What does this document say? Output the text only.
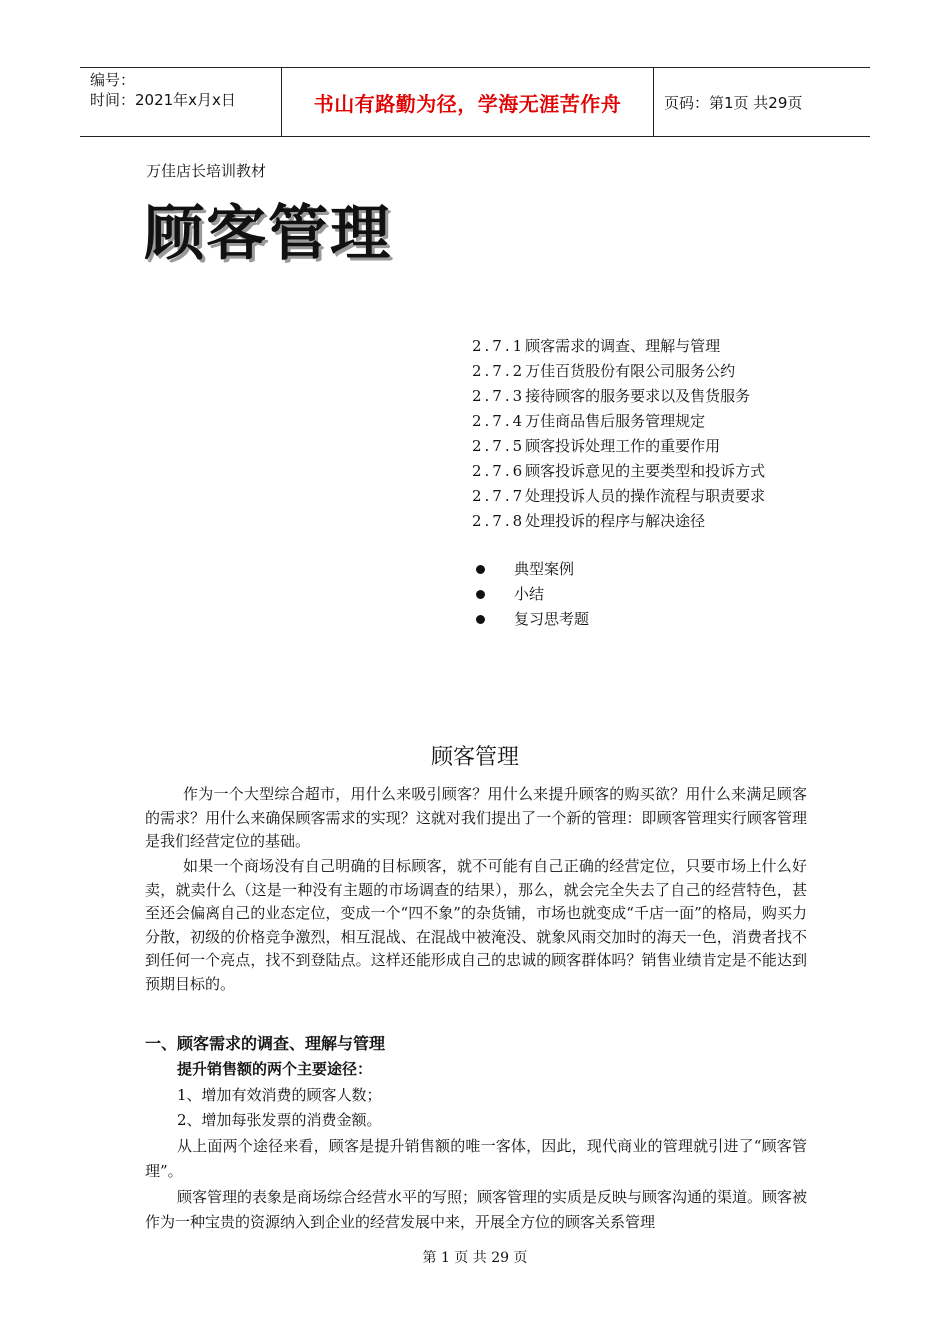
编号：
时间：2021年x月x日	书山有路勤为径，学海无涯苦作舟	页码：第1页 共29页
万佳店长培训教材
顾客管理
2.7.1顾客需求的调查、理解与管理
2.7.2万佳百货股份有限公司服务公约
2.7.3接待顾客的服务要求以及售货服务
2.7.4万佳商品售后服务管理规定
2.7.5顾客投诉处理工作的重要作用
2.7.6顾客投诉意见的主要类型和投诉方式
2.7.7处理投诉人员的操作流程与职责要求
2.7.8处理投诉的程序与解决途径
典型案例
小结
复习思考题
顾客管理

作为一个大型综合超市，用什么来吸引顾客？用什么来提升顾客的购买欲？用什么来满足顾客的需求？用什么来确保顾客需求的实现？这就对我们提出了一个新的管理：即顾客管理实行顾客管理是我们经营定位的基础。

如果一个商场没有自己明确的目标顾客，就不可能有自己正确的经营定位，只要市场上什么好卖，就卖什么（这是一种没有主题的市场调查的结果），那么，就会完全失去了自己的经营特色，甚至还会偏离自己的业态定位，变成一个“四不象”的杂货铺，市场也就变成“千店一面”的格局，购买力分散，初级的价格竞争激烈，相互混战、在混战中被淹没、就象风雨交加时的海天一色，消费者找不到任何一个亮点，找不到登陆点。这样还能形成自己的忠诚的顾客群体吗？销售业绩肯定是不能达到预期目标的。

一、顾客需求的调查、理解与管理
提升销售额的两个主要途径：
1、增加有效消费的顾客人数；
2、增加每张发票的消费金额。
从上面两个途径来看，顾客是提升销售额的唯一客体，因此，现代商业的管理就引进了“顾客管理”。
顾客管理的表象是商场综合经营水平的写照；顾客管理的实质是反映与顾客沟通的渠道。顾客被作为一种宝贵的资源纳入到企业的经营发展中来，开展全方位的顾客关系管理
第 1 页 共 29 页
